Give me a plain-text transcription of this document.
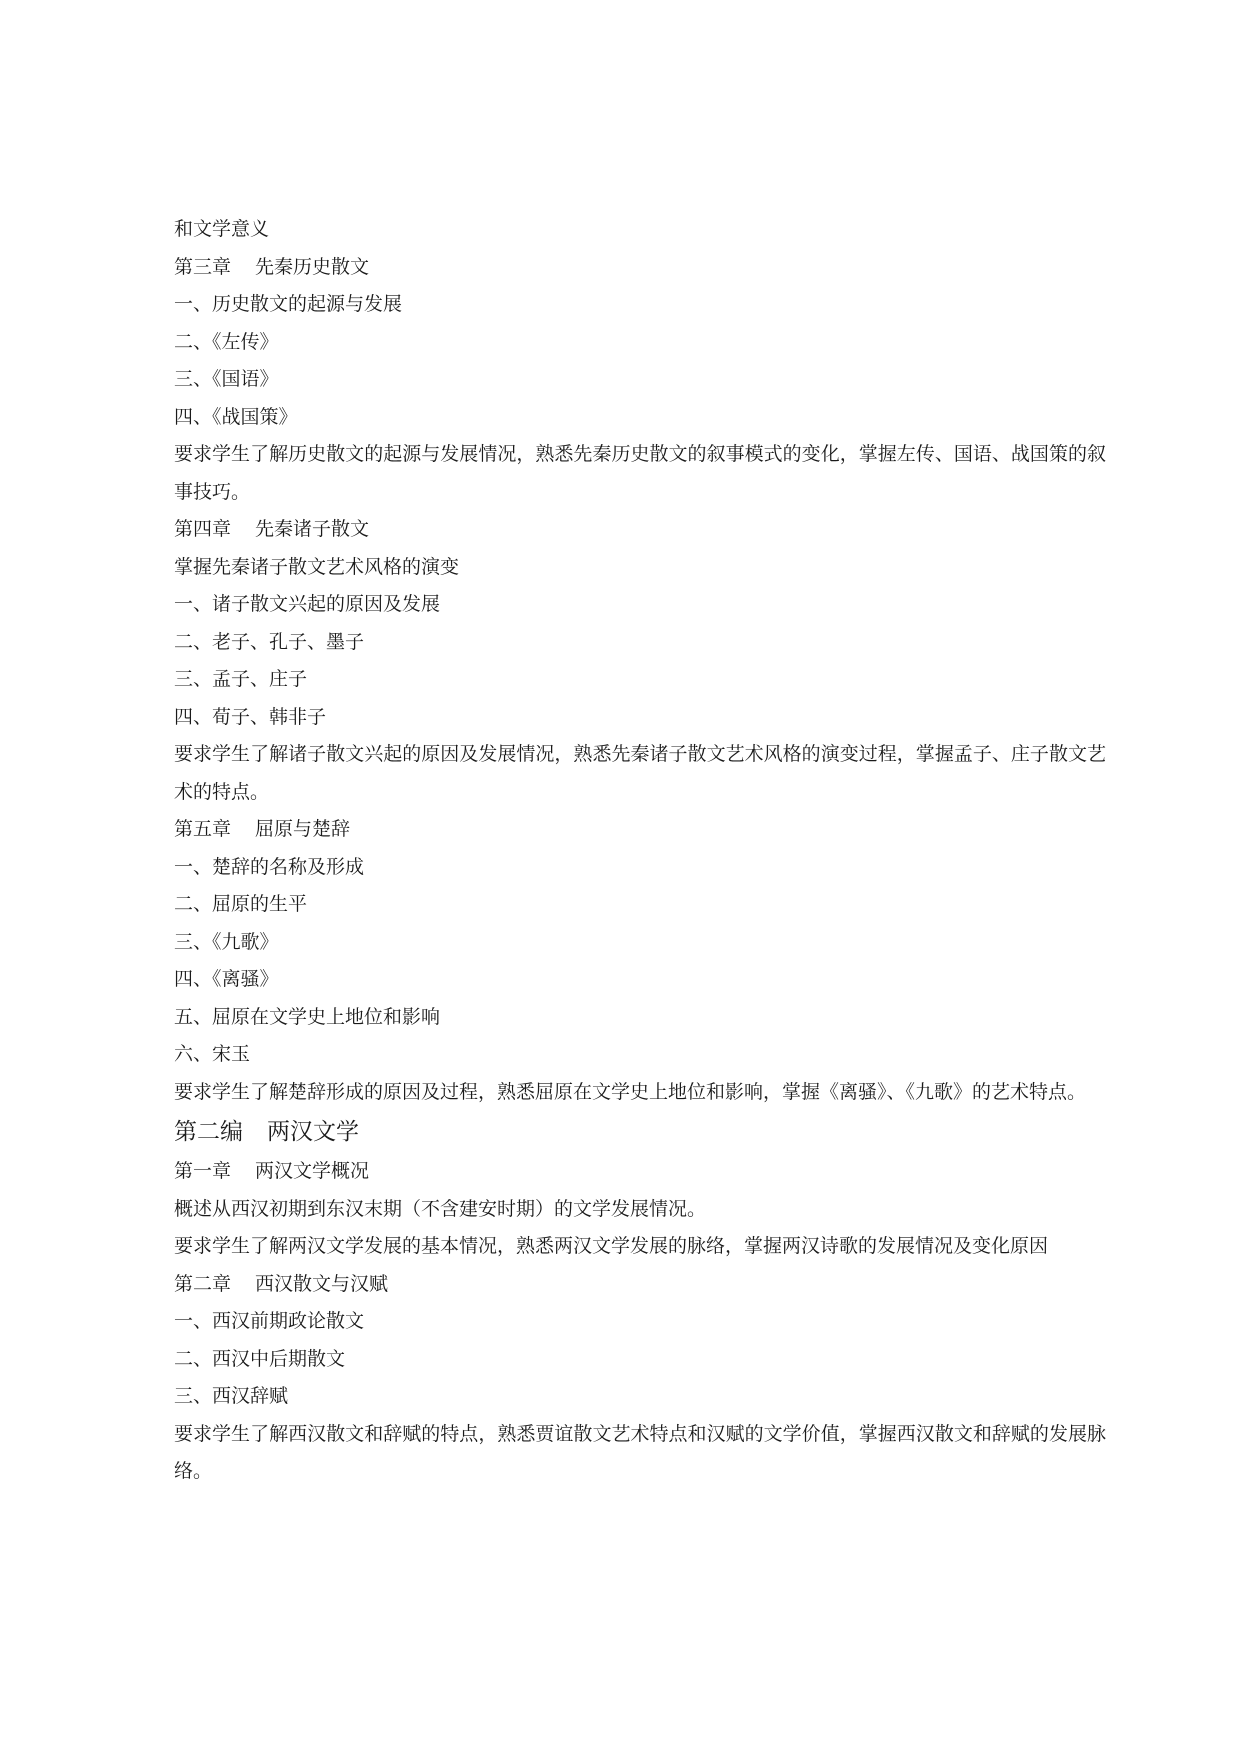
和文学意义
第三章 先秦历史散文
一、历史散文的起源与发展
二、《左传》
三、《国语》
四、《战国策》
要求学生了解历史散文的起源与发展情况，熟悉先秦历史散文的叙事模式的变化，掌握左传、国语、战国策的叙事技巧。
第四章 先秦诸子散文
掌握先秦诸子散文艺术风格的演变
一、诸子散文兴起的原因及发展
二、老子、孔子、墨子
三、孟子、庄子
四、荀子、韩非子
要求学生了解诸子散文兴起的原因及发展情况，熟悉先秦诸子散文艺术风格的演变过程，掌握孟子、庄子散文艺术的特点。
第五章 屈原与楚辞
一、楚辞的名称及形成
二、屈原的生平
三、《九歌》
四、《离骚》
五、屈原在文学史上地位和影响
六、宋玉
要求学生了解楚辞形成的原因及过程，熟悉屈原在文学史上地位和影响，掌握《离骚》、《九歌》的艺术特点。
第二编 两汉文学
第一章 两汉文学概况
概述从西汉初期到东汉末期（不含建安时期）的文学发展情况。
要求学生了解两汉文学发展的基本情况，熟悉两汉文学发展的脉络，掌握两汉诗歌的发展情况及变化原因
第二章 西汉散文与汉赋
一、西汉前期政论散文
二、西汉中后期散文
三、西汉辞赋
要求学生了解西汉散文和辞赋的特点，熟悉贾谊散文艺术特点和汉赋的文学价值，掌握西汉散文和辞赋的发展脉络。
